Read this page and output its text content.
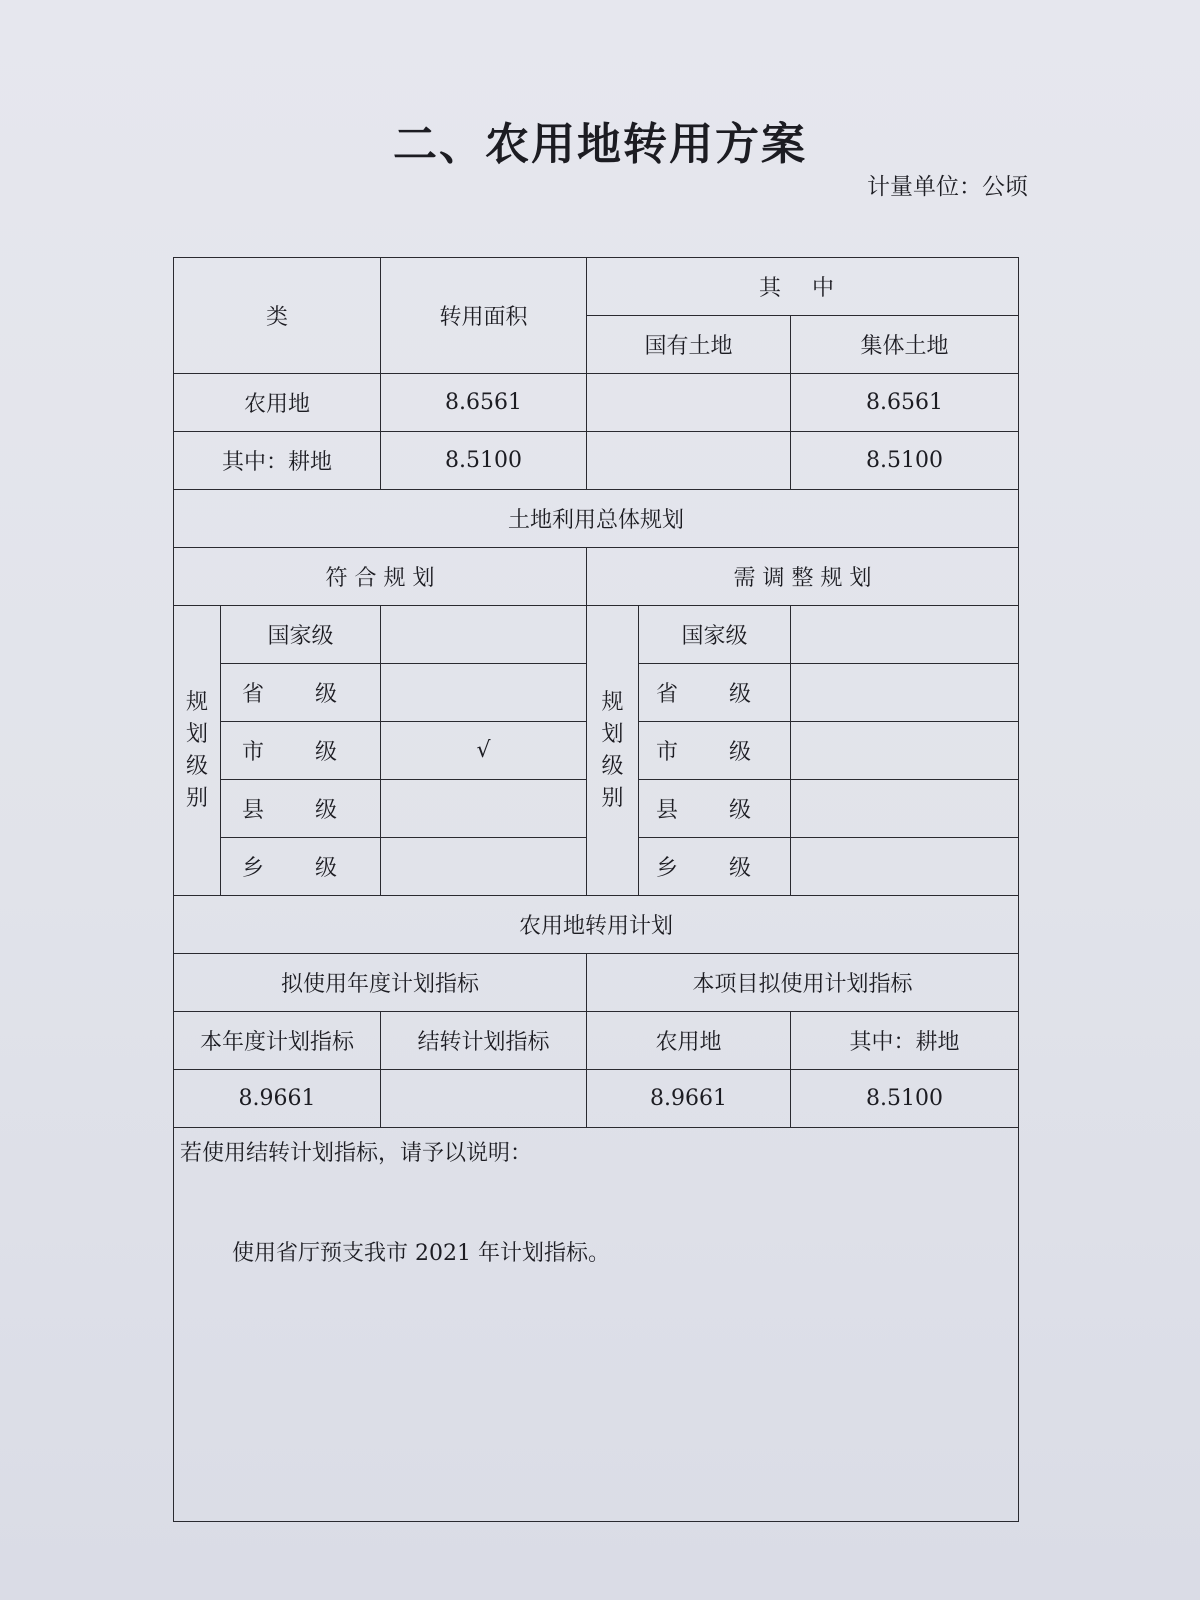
二、农用地转用方案
计量单位：公顷
类		转用面积	其 中		
			国有土地		集体土地
农用地		8.6561			8.6561
其中：耕地		8.5100			8.5100
土地利用总体规划					
符 合 规 划			需 调 整 规 划		
规划级别	国家级		规划级别	国家级	
	省 级			省 级	
	市 级	√		市 级	
	县 级			县 级	
	乡 级			乡 级	
农用地转用计划					
拟使用年度计划指标			本项目拟使用计划指标		
本年度计划指标		结转计划指标	农用地		其中：耕地
8.9661			8.9661		8.5100

若使用结转计划指标，请予以说明：
使用省厅预支我市 2021 年计划指标。					
